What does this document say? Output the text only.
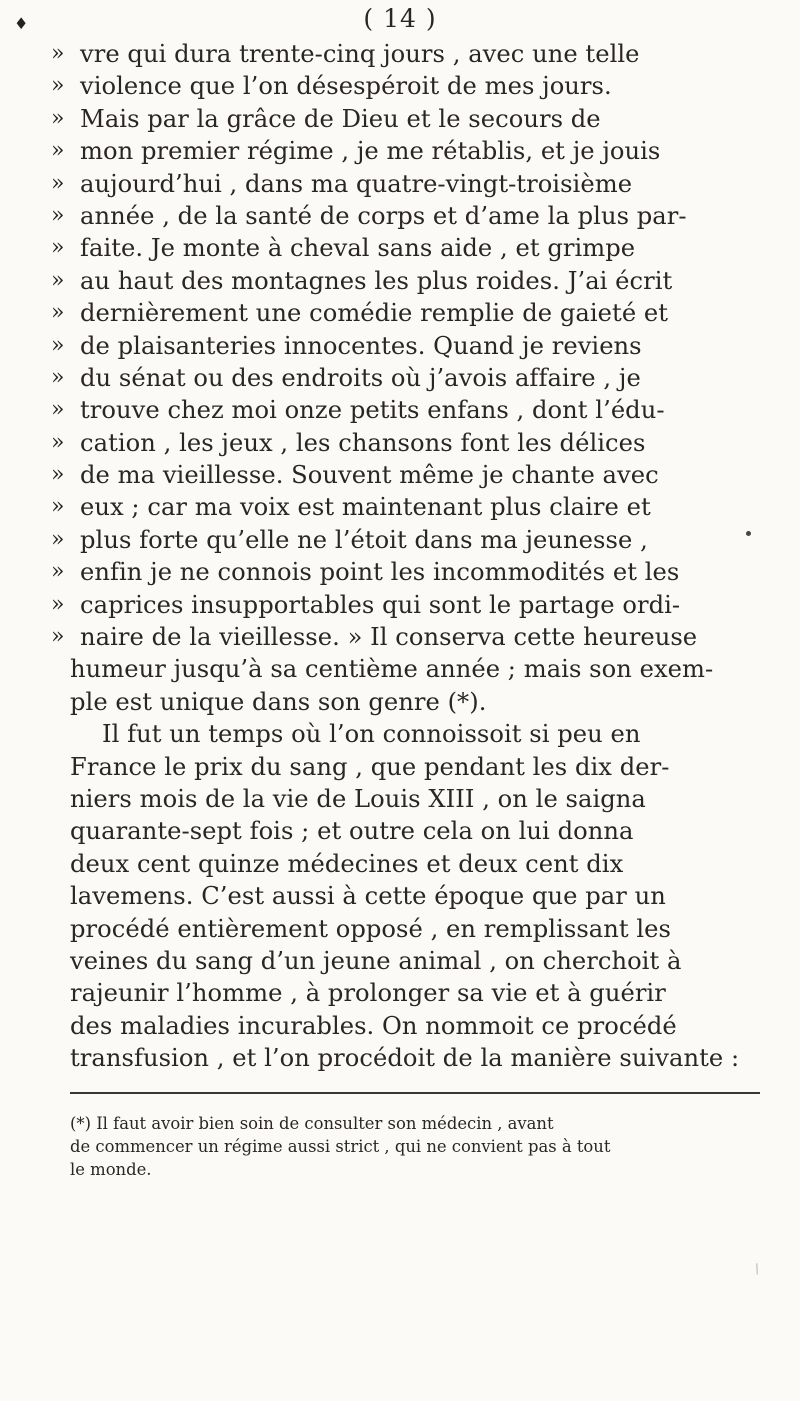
♦	( 14 )
» vre qui dura trente-cinq jours , avec une telle
» violence que l’on désespéroit de mes jours.
» Mais par la grâce de Dieu et le secours de
» mon premier régime , je me rétablis, et je jouis
» aujourd’hui , dans ma quatre-vingt-troisième
» année , de la santé de corps et d’ame la plus par-
» faite. Je monte à cheval sans aide , et grimpe
» au haut des montagnes les plus roides. J’ai écrit
» dernièrement une comédie remplie de gaieté et
» de plaisanteries innocentes. Quand je reviens
» du sénat ou des endroits où j’avois affaire , je
» trouve chez moi onze petits enfans , dont l’édu-
» cation , les jeux , les chansons font les délices
» de ma vieillesse. Souvent même je chante avec
» eux ; car ma voix est maintenant plus claire et
» plus forte qu’elle ne l’étoit dans ma jeunesse ,
» enfin je ne connois point les incommodités et les
» caprices insupportables qui sont le partage ordi-
» naire de la vieillesse. » Il conserva cette heureuse
humeur jusqu’à sa centième année ; mais son exem-
ple est unique dans son genre (*).
Il fut un temps où l’on connoissoit si peu en
France le prix du sang , que pendant les dix der-
niers mois de la vie de Louis XIII , on le saigna
quarante-sept fois ; et outre cela on lui donna
deux cent quinze médecines et deux cent dix
lavemens. C’est aussi à cette époque que par un
procédé entièrement opposé , en remplissant les
veines du sang d’un jeune animal , on cherchoit à
rajeunir l’homme , à prolonger sa vie et à guérir
des maladies incurables. On nommoit ce procédé
transfusion , et l’on procédoit de la manière suivante :
(*) Il faut avoir bien soin de consulter son médecin , avant
de commencer un régime aussi strict , qui ne convient pas à tout
le monde.
/
